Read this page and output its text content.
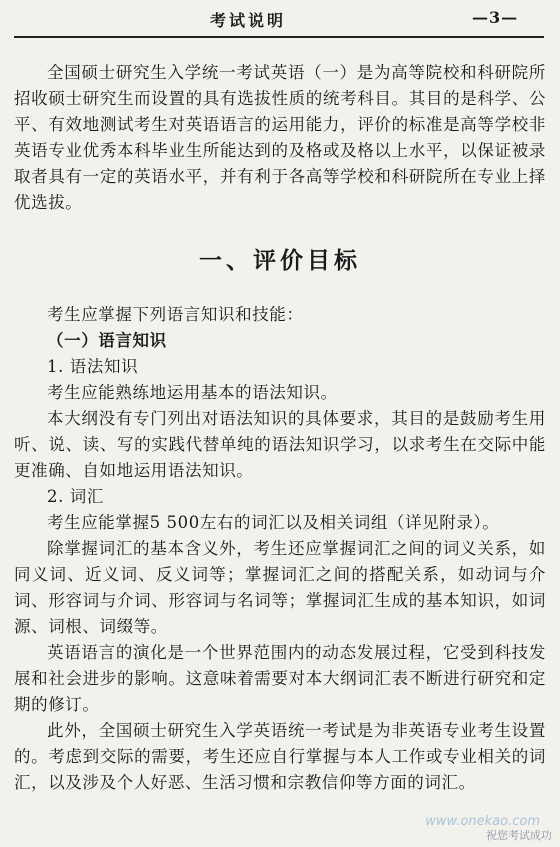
考试说明	—3—

全国硕士研究生入学统一考试英语（一）是为高等院校和科研院所招收硕士研究生而设置的具有选拔性质的统考科目。其目的是科学、公平、有效地测试考生对英语语言的运用能力，评价的标准是高等学校非英语专业优秀本科毕业生所能达到的及格或及格以上水平，以保证被录取者具有一定的英语水平，并有利于各高等学校和科研院所在专业上择优选拔。

一、评价目标

考生应掌握下列语言知识和技能：

（一）语言知识

1. 语法知识

考生应能熟练地运用基本的语法知识。

本大纲没有专门列出对语法知识的具体要求，其目的是鼓励考生用听、说、读、写的实践代替单纯的语法知识学习，以求考生在交际中能更准确、自如地运用语法知识。

2. 词汇

考生应能掌握5 500左右的词汇以及相关词组（详见附录）。

除掌握词汇的基本含义外，考生还应掌握词汇之间的词义关系，如同义词、近义词、反义词等；掌握词汇之间的搭配关系，如动词与介词、形容词与介词、形容词与名词等；掌握词汇生成的基本知识，如词源、词根、词缀等。

英语语言的演化是一个世界范围内的动态发展过程，它受到科技发展和社会进步的影响。这意味着需要对本大纲词汇表不断进行研究和定期的修订。

此外，全国硕士研究生入学英语统一考试是为非英语专业考生设置的。考虑到交际的需要，考生还应自行掌握与本人工作或专业相关的词汇，以及涉及个人好恶、生活习惯和宗教信仰等方面的词汇。

www.onekao.com
祝您考试成功
